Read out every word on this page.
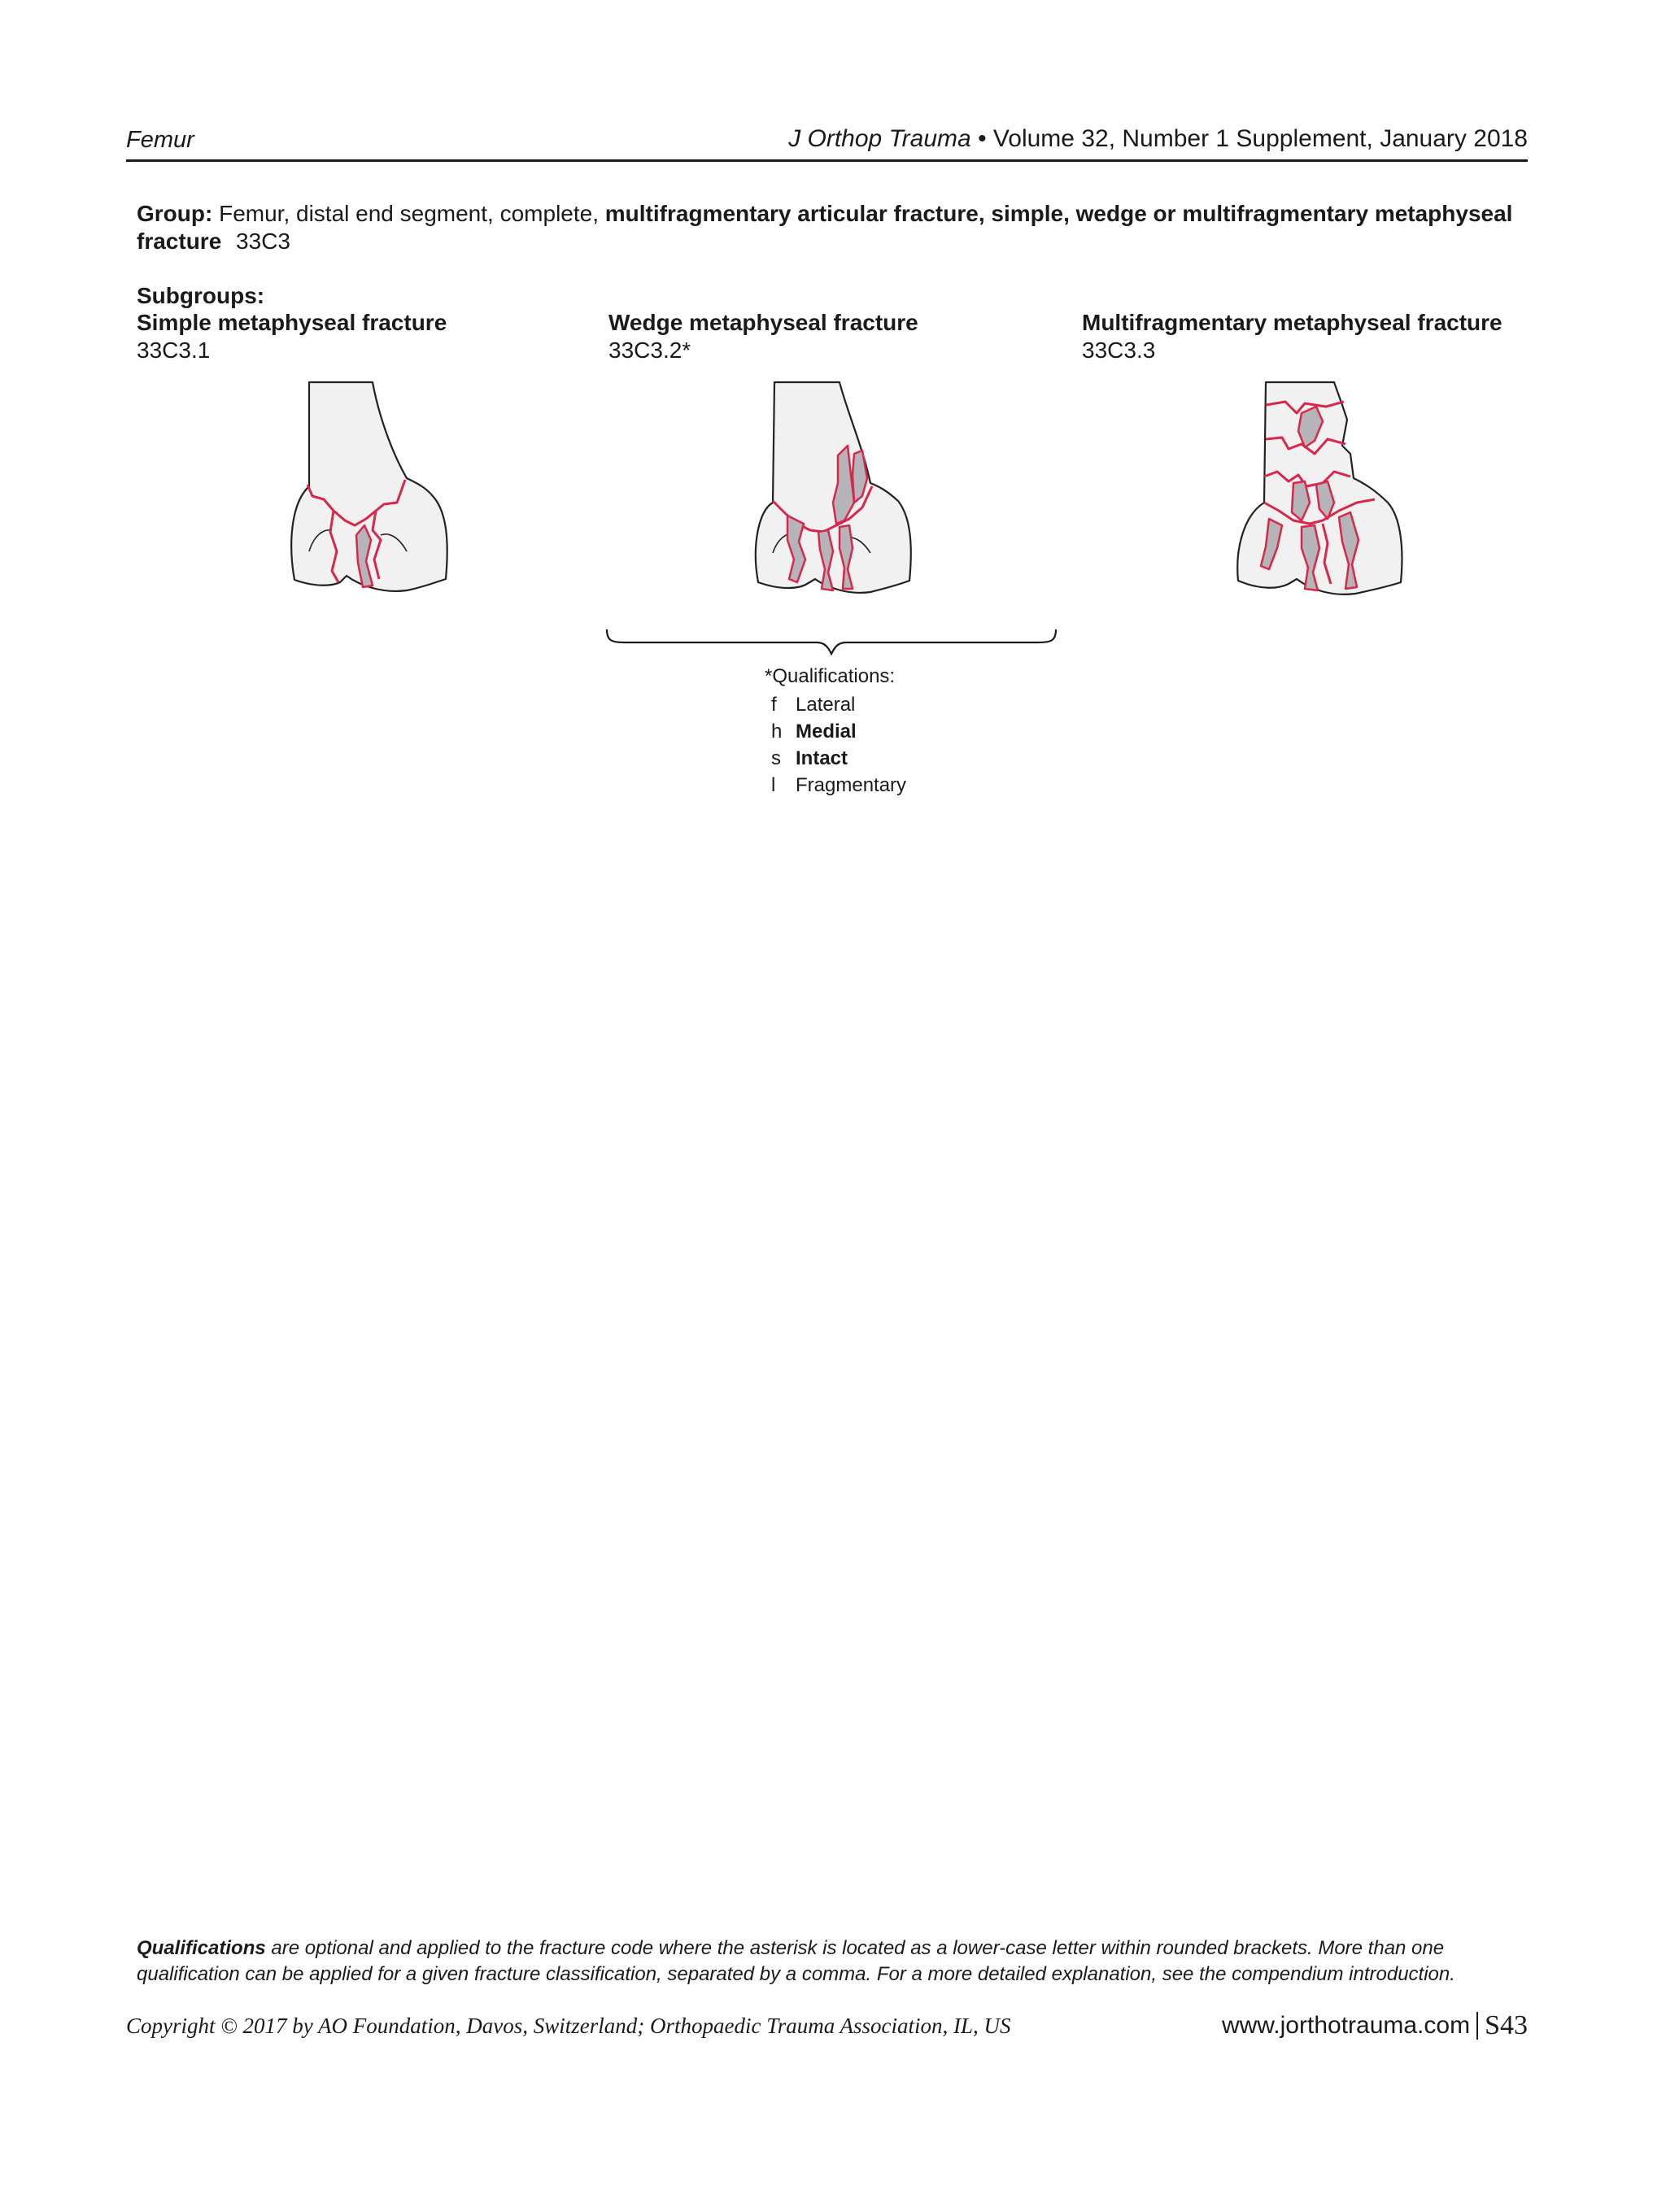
Femur	J Orthop Trauma • Volume 32, Number 1 Supplement, January 2018
Group: Femur, distal end segment, complete, multifragmentary articular fracture, simple, wedge or multifragmentary metaphyseal fracture 33C3
Subgroups:
Simple metaphyseal fracture
33C3.1
Wedge metaphyseal fracture
33C3.2*
Multifragmentary metaphyseal fracture
33C3.3
*Qualifications:
f Lateral
h Medial
s Intact
l	Fragmentary
Qualifications are optional and applied to the fracture code where the asterisk is located as a lower-case letter within rounded brackets. More than one qualification can be applied for a given fracture classification, separated by a comma. For a more detailed explanation, see the compendium introduction.
Copyright © 2017 by AO Foundation, Davos, Switzerland; Orthopaedic Trauma Association, IL, US	www.jorthotrauma.com S43
